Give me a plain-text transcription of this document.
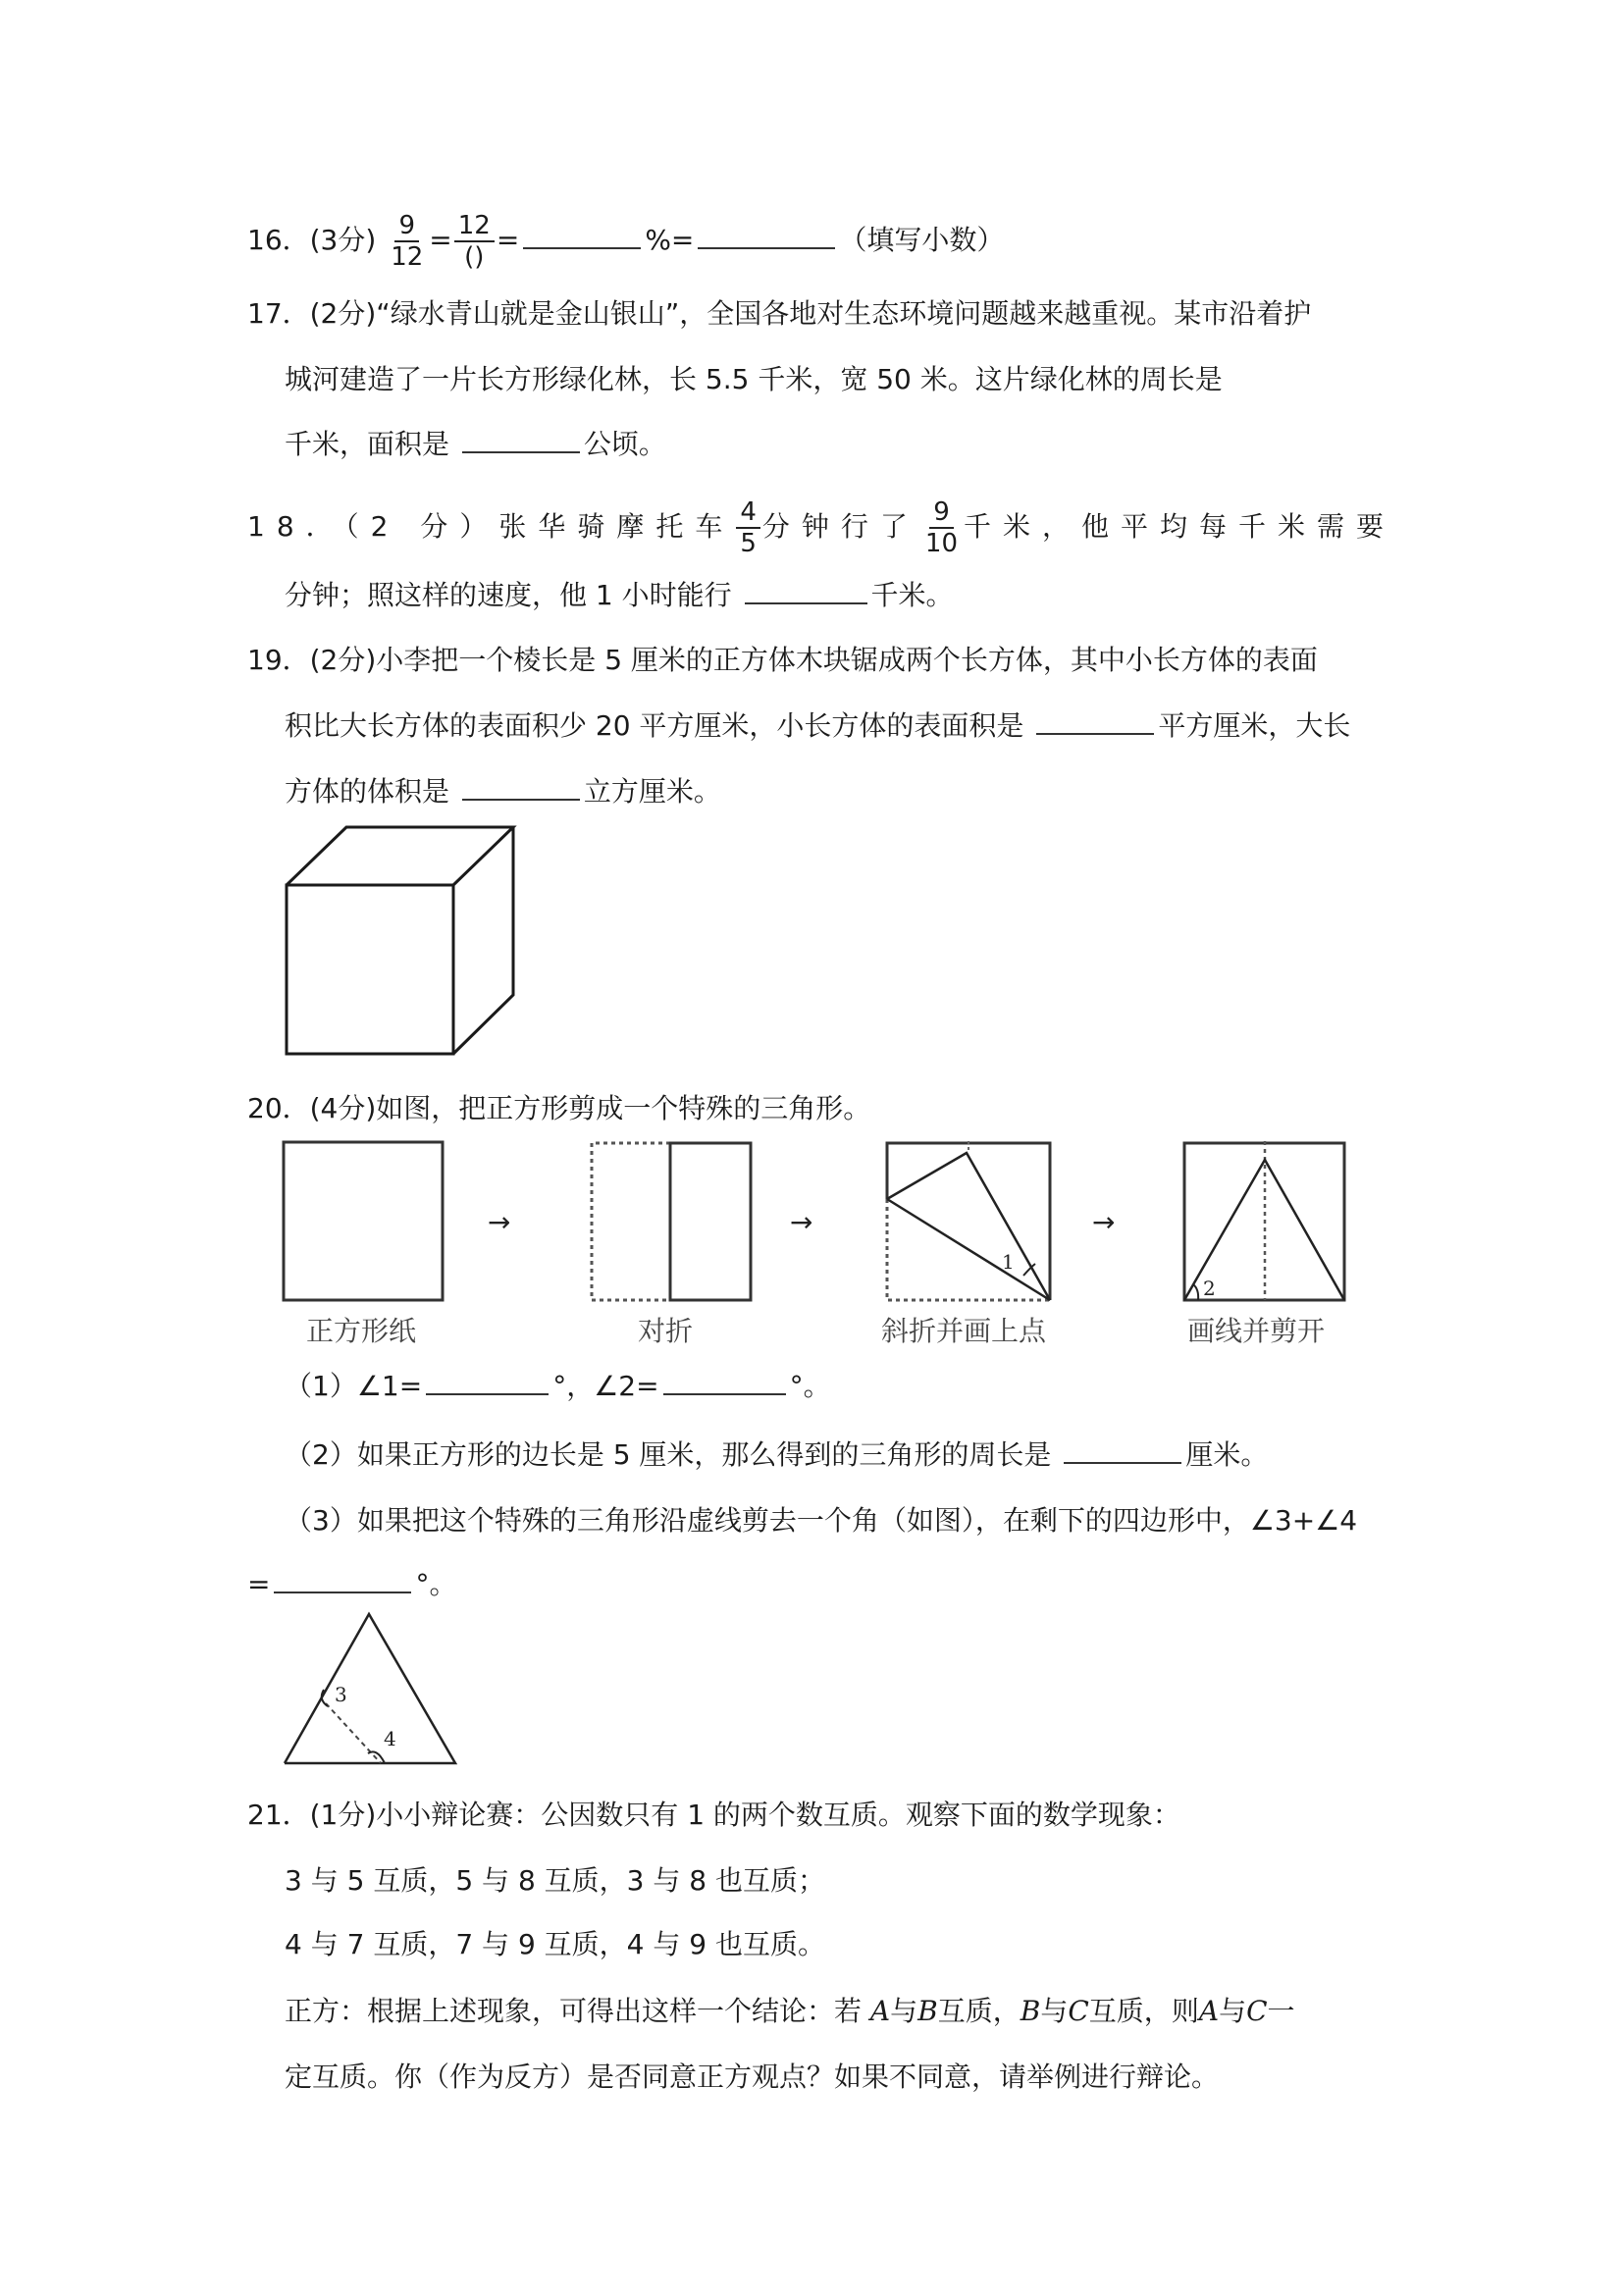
16．(3分) $\frac{9}{12} = \frac{12}{()}$ =	%=	（填写小数）
17．(2分)“绿水青山就是金山银山”，全国各地对生态环境问题越来越重视。某市沿着护
城河建造了一片长方形绿化林，长 5.5 千米，宽 50 米。这片绿化林的周长是
千米，面积是	公顷。
18．（2 分）张华骑摩托车 $\frac{4}{5}$ 分钟行了 $\frac{9}{10}$ 千米，他平均每千米需要
分钟；照这样的速度，他 1 小时能行	千米。
19．(2分)小李把一个棱长是 5 厘米的正方体木块锯成两个长方体，其中小长方体的表面
积比大长方体的表面积少 20 平方厘米，小长方体的表面积是	平方厘米，大长
方体的体积是	立方厘米。
20．(4分)如图，把正方形剪成一个特殊的三角形。
正方形纸
→
对折
→
1
斜折并画上点
→
2
画线并剪开
（1）∠1=	°，∠2=	°。
（2）如果正方形的边长是 5 厘米，那么得到的三角形的周长是	厘米。
（3）如果把这个特殊的三角形沿虚线剪去一个角（如图），在剩下的四边形中，∠3+∠4
=	°。
3
4
21．(1分)小小辩论赛：公因数只有 1 的两个数互质。观察下面的数学现象：
3 与 5 互质，5 与 8 互质，3 与 8 也互质；
4 与 7 互质，7 与 9 互质，4 与 9 也互质。
正方：根据上述现象，可得出这样一个结论：若 A与B互质，B与C互质，则A与C一
定互质。你（作为反方）是否同意正方观点？如果不同意，请举例进行辩论。
